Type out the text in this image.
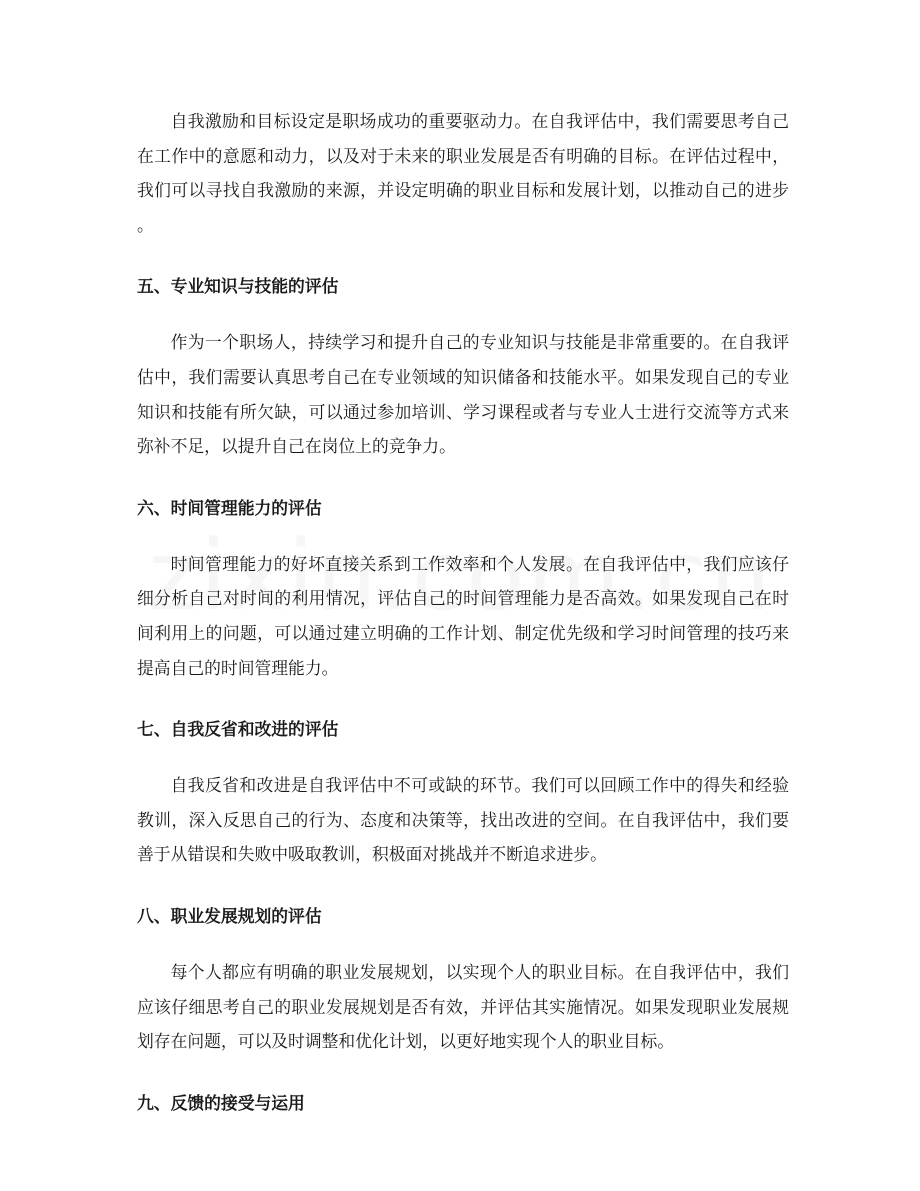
自我激励和目标设定是职场成功的重要驱动力。在自我评估中，我们需要思考自己在工作中的意愿和动力，以及对于未来的职业发展是否有明确的目标。在评估过程中，我们可以寻找自我激励的来源，并设定明确的职业目标和发展计划，以推动自己的进步。

五、专业知识与技能的评估

作为一个职场人，持续学习和提升自己的专业知识与技能是非常重要的。在自我评估中，我们需要认真思考自己在专业领域的知识储备和技能水平。如果发现自己的专业知识和技能有所欠缺，可以通过参加培训、学习课程或者与专业人士进行交流等方式来弥补不足，以提升自己在岗位上的竞争力。

六、时间管理能力的评估

时间管理能力的好坏直接关系到工作效率和个人发展。在自我评估中，我们应该仔细分析自己对时间的利用情况，评估自己的时间管理能力是否高效。如果发现自己在时间利用上的问题，可以通过建立明确的工作计划、制定优先级和学习时间管理的技巧来提高自己的时间管理能力。

七、自我反省和改进的评估

自我反省和改进是自我评估中不可或缺的环节。我们可以回顾工作中的得失和经验教训，深入反思自己的行为、态度和决策等，找出改进的空间。在自我评估中，我们要善于从错误和失败中吸取教训，积极面对挑战并不断追求进步。

八、职业发展规划的评估

每个人都应有明确的职业发展规划，以实现个人的职业目标。在自我评估中，我们应该仔细思考自己的职业发展规划是否有效，并评估其实施情况。如果发现职业发展规划存在问题，可以及时调整和优化计划，以更好地实现个人的职业目标。

九、反馈的接受与运用
